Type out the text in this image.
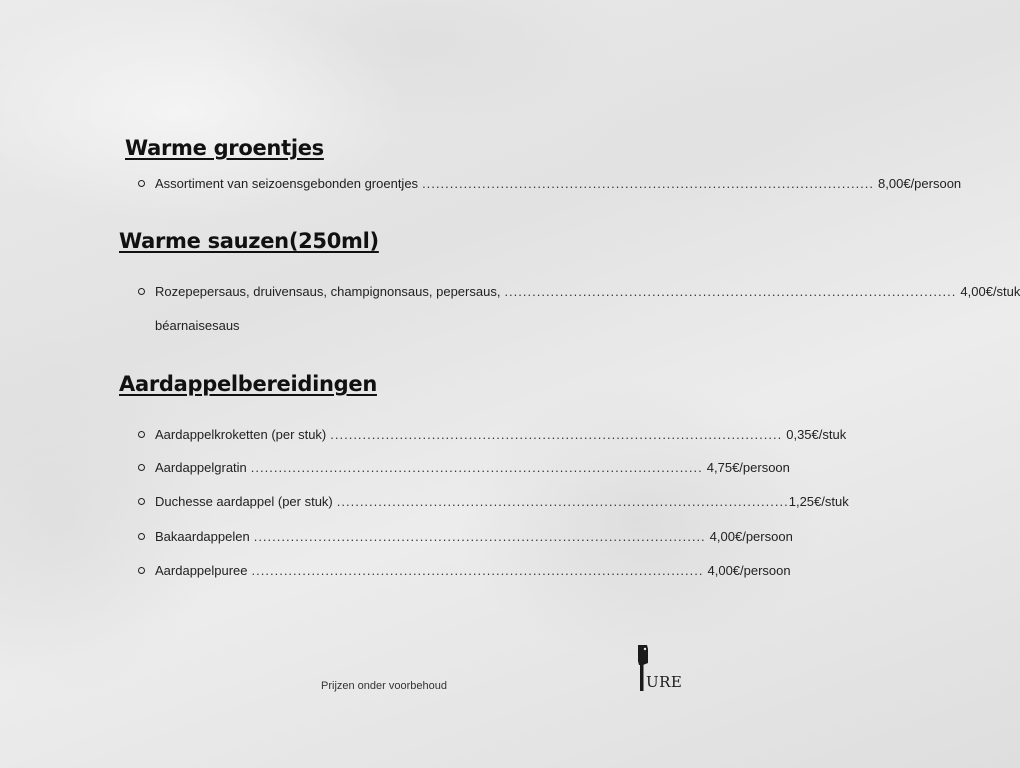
Warme groentjes
Assortiment van seizoensgebonden groentjes .................................................................................................. 8,00€/persoon
Warme sauzen(250ml)
Rozepepersaus, druivensaus, champignonsaus, pepersaus, .................................................................................................. 4,00€/stuk
béarnaisesaus
Aardappelbereidingen
Aardappelkroketten (per stuk) .................................................................................................. 0,35€/stuk
Aardappelgratin .................................................................................................. 4,75€/persoon
Duchesse aardappel (per stuk) .................................................................................................. 1,25€/stuk
Bakaardappelen .................................................................................................. 4,00€/persoon
Aardappelpuree .................................................................................................. 4,00€/persoon
Prijzen onder voorbehoud	URE
